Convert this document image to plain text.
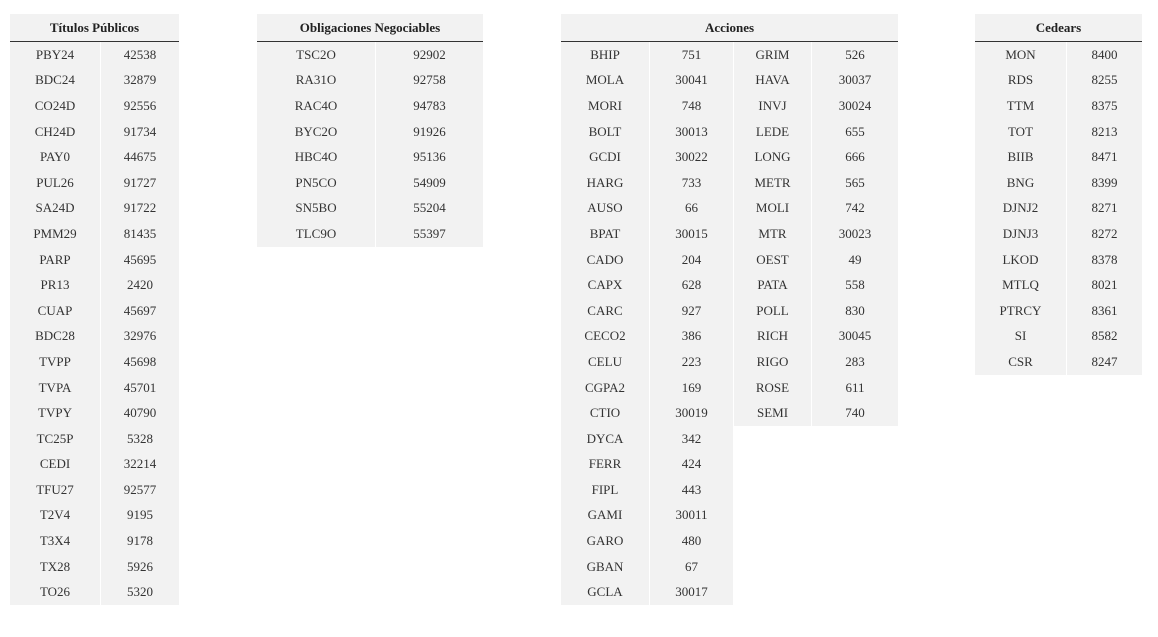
Títulos Públicos	
PBY24	42538
BDC24	32879
CO24D	92556
CH24D	91734
PAY0	44675
PUL26	91727
SA24D	91722
PMM29	81435
PARP	45695
PR13	2420
CUAP	45697
BDC28	32976
TVPP	45698
TVPA	45701
TVPY	40790
TC25P	5328
CEDI	32214
TFU27	92577
T2V4	9195
T3X4	9178
TX28	5926
TO26	5320
Obligaciones Negociables	
TSC2O	92902
RA31O	92758
RAC4O	94783
BYC2O	91926
HBC4O	95136
PN5CO	54909
SN5BO	55204
TLC9O	55397
Acciones			
BHIP	751	GRIM	526
MOLA	30041	HAVA	30037
MORI	748	INVJ	30024
BOLT	30013	LEDE	655
GCDI	30022	LONG	666
HARG	733	METR	565
AUSO	66	MOLI	742
BPAT	30015	MTR	30023
CADO	204	OEST	49
CAPX	628	PATA	558
CARC	927	POLL	830
CECO2	386	RICH	30045
CELU	223	RIGO	283
CGPA2	169	ROSE	611
CTIO	30019	SEMI	740
DYCA	342		
FERR	424		
FIPL	443		
GAMI	30011		
GARO	480		
GBAN	67		
GCLA	30017		
Cedears	
MON	8400
RDS	8255
TTM	8375
TOT	8213
BIIB	8471
BNG	8399
DJNJ2	8271
DJNJ3	8272
LKOD	8378
MTLQ	8021
PTRCY	8361
SI	8582
CSR	8247
